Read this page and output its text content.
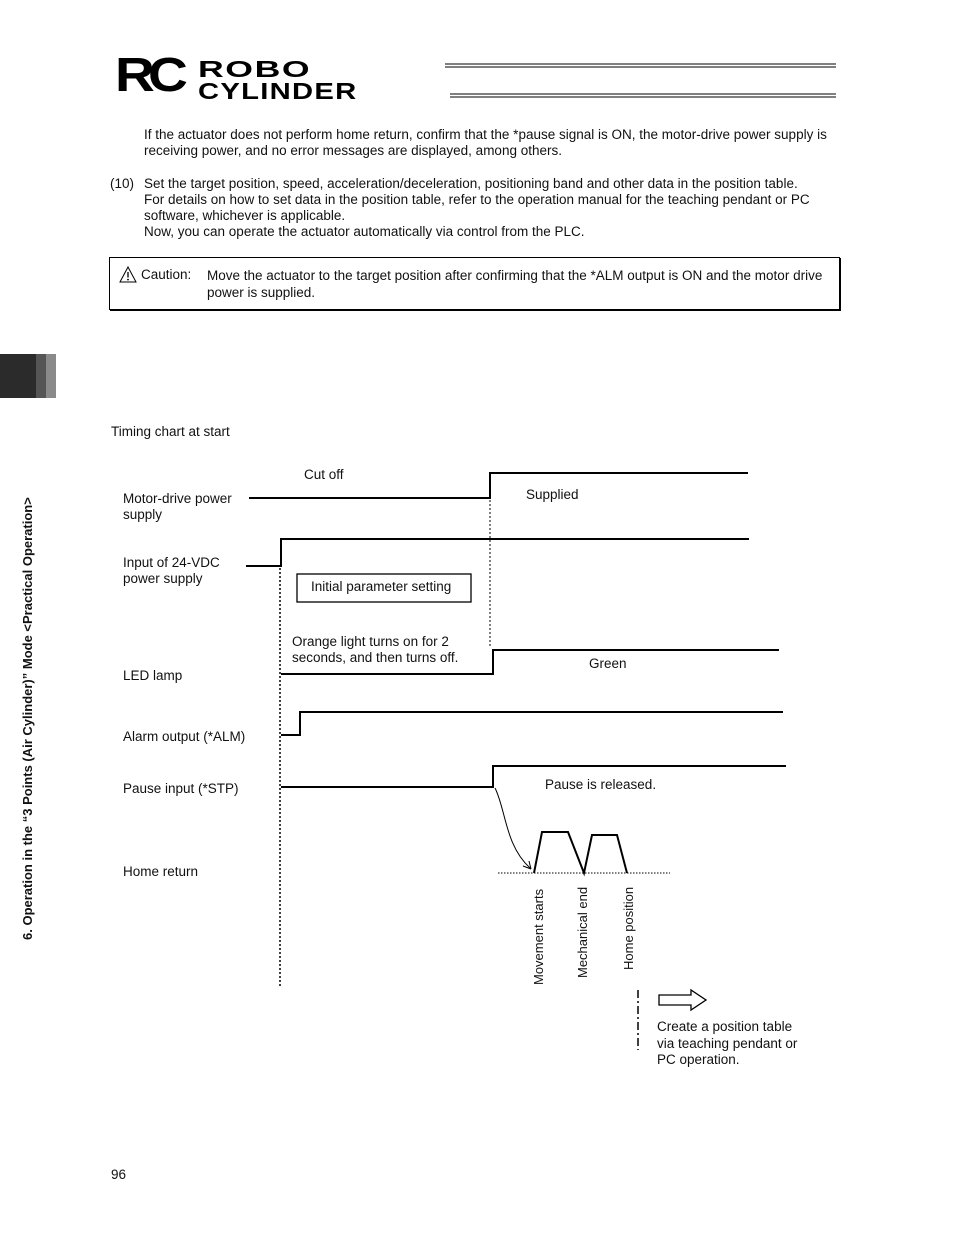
RC ROBO
CYLINDER
If the actuator does not perform home return, confirm that the *pause signal is ON, the motor-drive power supply is receiving power, and no error messages are displayed, among others.
(10) Set the target position, speed, acceleration/deceleration, positioning band and other data in the position table.
For details on how to set data in the position table, refer to the operation manual for the teaching pendant or PC software, whichever is applicable.
Now, you can operate the actuator automatically via control from the PLC.
Caution: Move the actuator to the target position after confirming that the *ALM output is ON and the motor drive power is supplied.
6. Operation in the “3 Points (Air Cylinder)” Mode <Practical Operation>
Timing chart at start
Motor-drive power supply
Input of 24-VDC power supply
LED lamp
Alarm output (*ALM)
Pause input (*STP)
Home return
Cut off
Supplied
Initial parameter setting
Orange light turns on for 2 seconds, and then turns off.	Green
Pause is released.
Movement starts Mechanical end Home position
Create a position table via teaching pendant or PC operation.
96
